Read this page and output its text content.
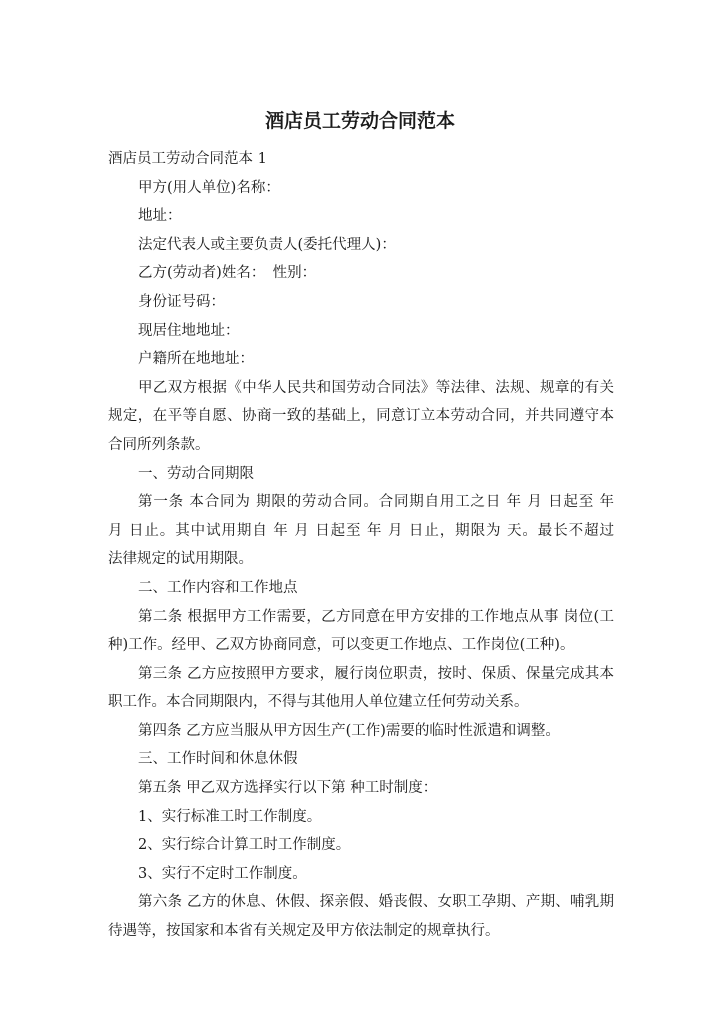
酒店员工劳动合同范本

酒店员工劳动合同范本 1

甲方(用人单位)名称：

地址：

法定代表人或主要负责人(委托代理人)：

乙方(劳动者)姓名：　性别：

身份证号码：

现居住地地址：

户籍所在地地址：

甲乙双方根据《中华人民共和国劳动合同法》等法律、法规、规章的有关

规定，在平等自愿、协商一致的基础上，同意订立本劳动合同，并共同遵守本

合同所列条款。

一、劳动合同期限

第一条 本合同为 期限的劳动合同。合同期自用工之日 年 月 日起至 年

月 日止。其中试用期自 年 月 日起至 年 月 日止，期限为 天。最长不超过

法律规定的试用期限。

二、工作内容和工作地点

第二条 根据甲方工作需要，乙方同意在甲方安排的工作地点从事 岗位(工

种)工作。经甲、乙双方协商同意，可以变更工作地点、工作岗位(工种)。

第三条 乙方应按照甲方要求，履行岗位职责，按时、保质、保量完成其本

职工作。本合同期限内，不得与其他用人单位建立任何劳动关系。

第四条 乙方应当服从甲方因生产(工作)需要的临时性派遣和调整。

三、工作时间和休息休假

第五条 甲乙双方选择实行以下第 种工时制度：

1、实行标准工时工作制度。

2、实行综合计算工时工作制度。

3、实行不定时工作制度。

第六条 乙方的休息、休假、探亲假、婚丧假、女职工孕期、产期、哺乳期

待遇等，按国家和本省有关规定及甲方依法制定的规章执行。
